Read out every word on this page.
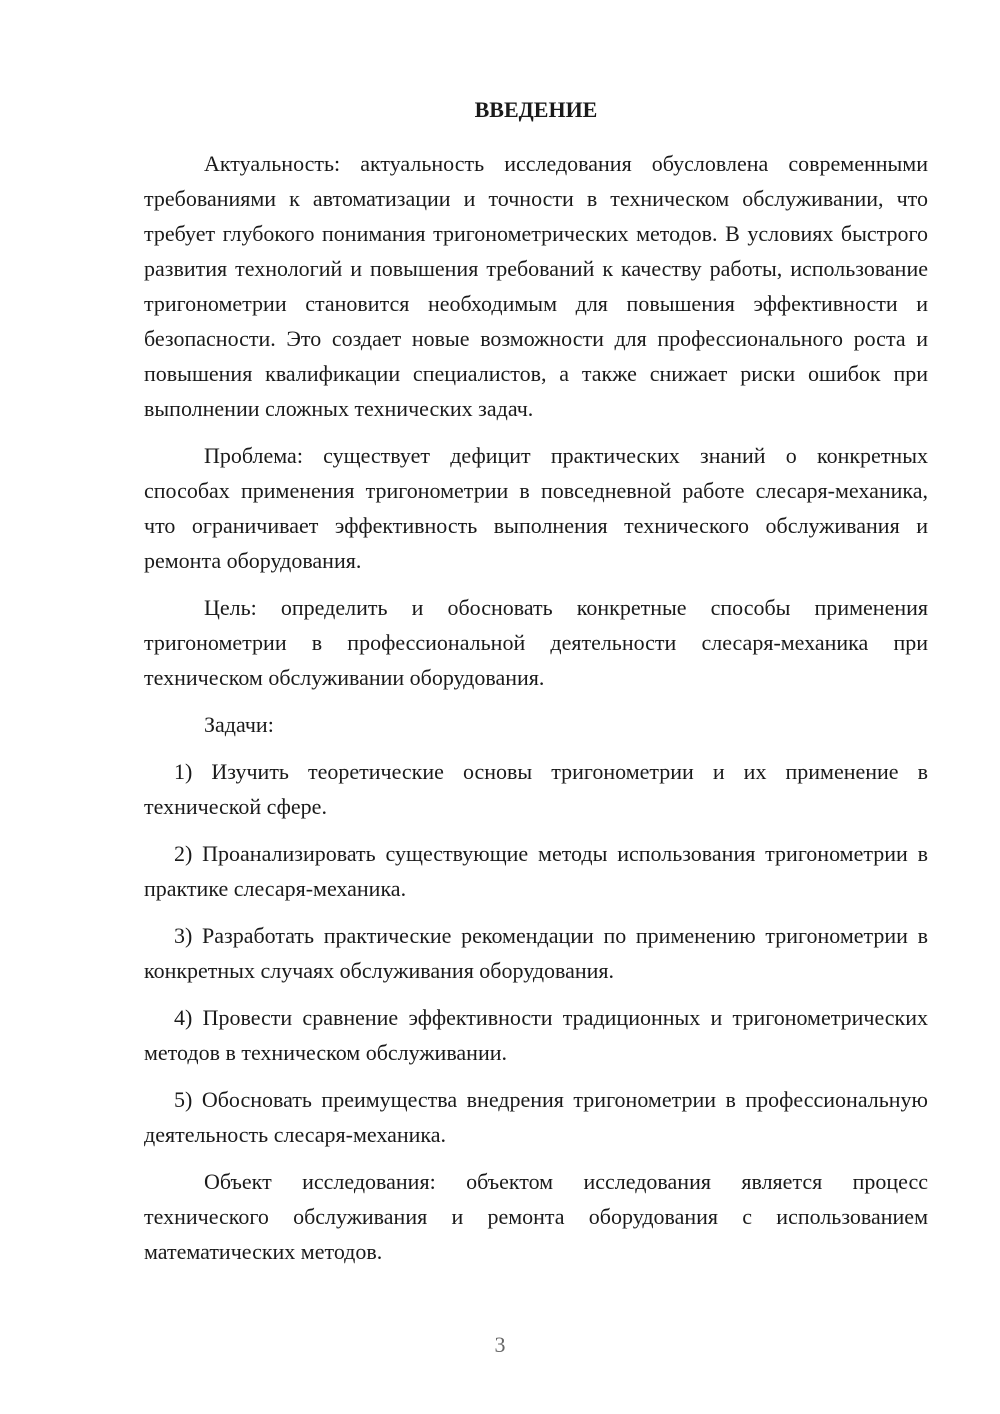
ВВЕДЕНИЕ

Актуальность: актуальность исследования обусловлена современными требованиями к автоматизации и точности в техническом обслуживании, что требует глубокого понимания тригонометрических методов. В условиях быстрого развития технологий и повышения требований к качеству работы, использование тригонометрии становится необходимым для повышения эффективности и безопасности. Это создает новые возможности для профессионального роста и повышения квалификации специалистов, а также снижает риски ошибок при выполнении сложных технических задач.

Проблема: существует дефицит практических знаний о конкретных способах применения тригонометрии в повседневной работе слесаря-механика, что ограничивает эффективность выполнения технического обслуживания и ремонта оборудования.

Цель: определить и обосновать конкретные способы применения тригонометрии в профессиональной деятельности слесаря-механика при техническом обслуживании оборудования.

Задачи:

1) Изучить теоретические основы тригонометрии и их применение в технической сфере.

2) Проанализировать существующие методы использования тригонометрии в практике слесаря-механика.

3) Разработать практические рекомендации по применению тригонометрии в конкретных случаях обслуживания оборудования.

4) Провести сравнение эффективности традиционных и тригонометрических методов в техническом обслуживании.

5) Обосновать преимущества внедрения тригонометрии в профессиональную деятельность слесаря-механика.

Объект исследования: объектом исследования является процесс технического обслуживания и ремонта оборудования с использованием математических методов.

3
